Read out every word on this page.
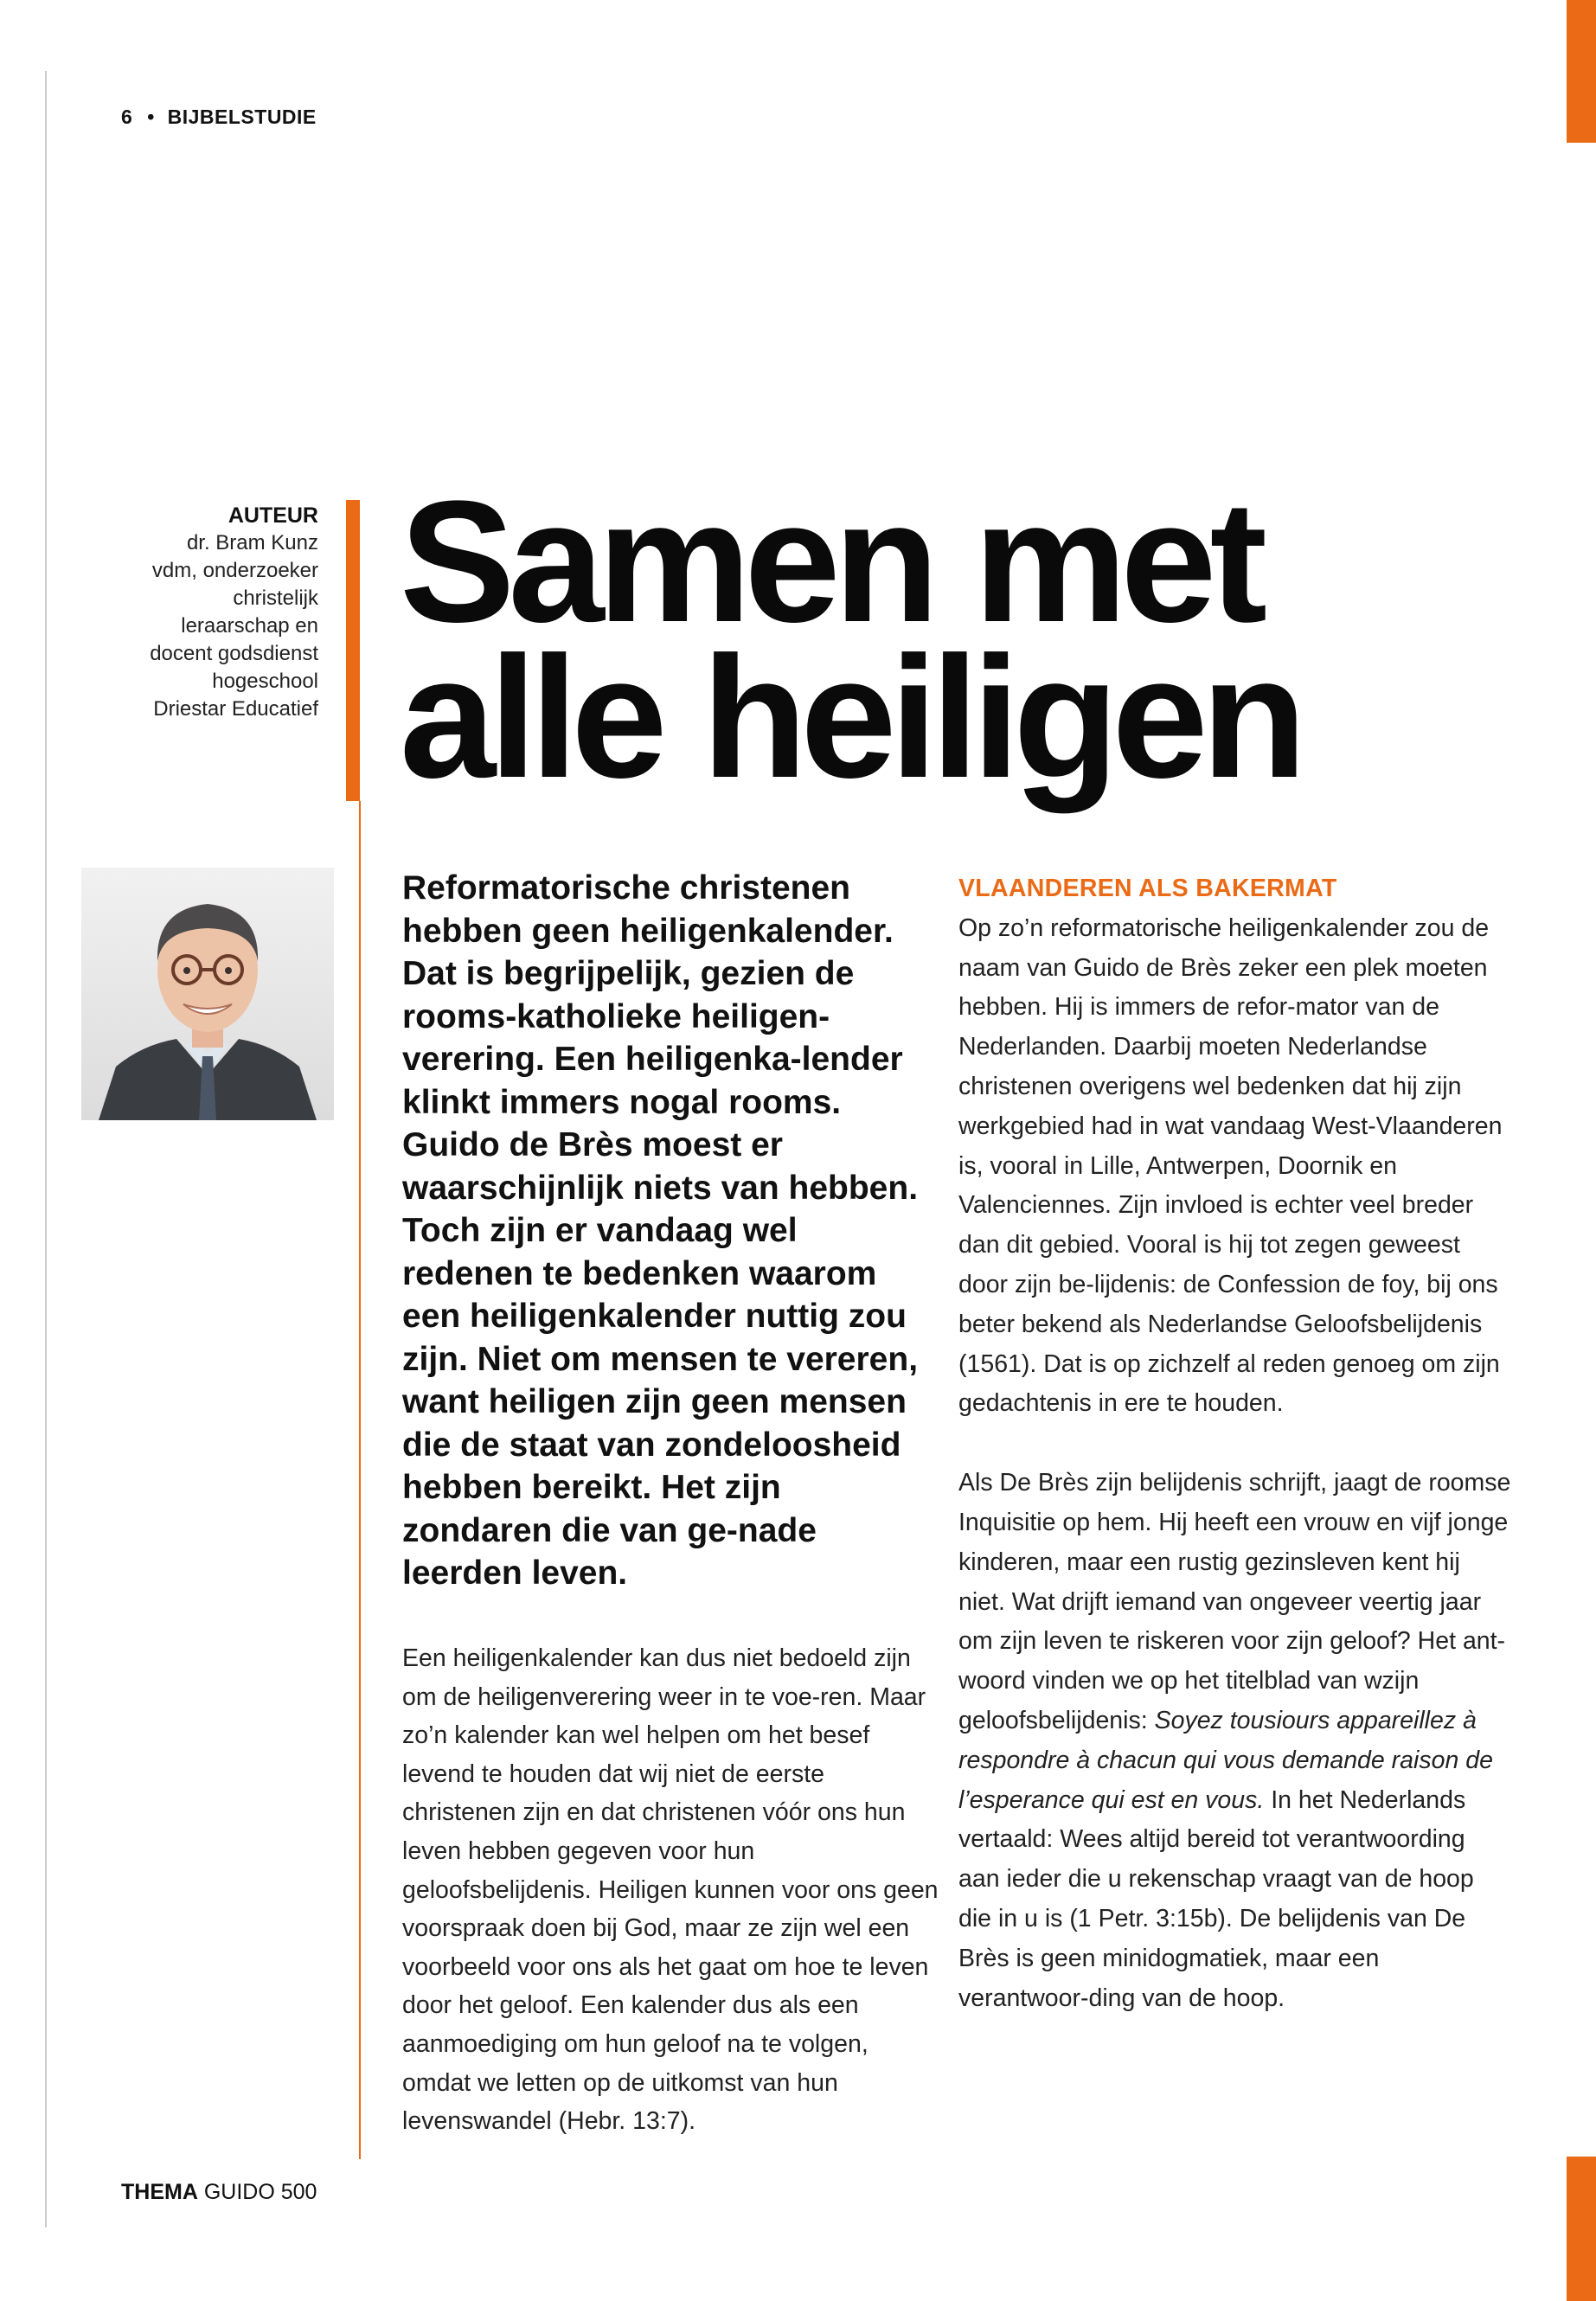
6 • BIJBELSTUDIE
AUTEUR
dr. Bram Kunz
vdm, onderzoeker
christelijk
leraarschap en
docent godsdienst
hogeschool
Driestar Educatief
Samen met
alle heiligen

Reformatorische christenen hebben geen heiligenkalender. Dat is begrijpelijk, gezien de rooms-katholieke heiligen-verering. Een heiligenka-lender klinkt immers nogal rooms. Guido de Brès moest er waarschijnlijk niets van hebben. Toch zijn er vandaag wel redenen te bedenken waarom een heiligenkalender nuttig zou zijn. Niet om mensen te vereren, want heiligen zijn geen mensen die de staat van zondeloosheid hebben bereikt. Het zijn zondaren die van ge-nade leerden leven.

Een heiligenkalender kan dus niet bedoeld zijn om de heiligenverering weer in te voe-ren. Maar zo’n kalender kan wel helpen om het besef levend te houden dat wij niet de eerste christenen zijn en dat christenen vóór ons hun leven hebben gegeven voor hun geloofsbelijdenis. Heiligen kunnen voor ons geen voorspraak doen bij God, maar ze zijn wel een voorbeeld voor ons als het gaat om hoe te leven door het geloof. Een kalender dus als een aanmoediging om hun geloof na te volgen, omdat we letten op de uitkomst van hun levenswandel (Hebr. 13:7).

VLAANDEREN ALS BAKERMAT

Op zo’n reformatorische heiligenkalender zou de naam van Guido de Brès zeker een plek moeten hebben. Hij is immers de refor-mator van de Nederlanden. Daarbij moeten Nederlandse christenen overigens wel bedenken dat hij zijn werkgebied had in wat vandaag West-Vlaanderen is, vooral in Lille, Antwerpen, Doornik en Valenciennes. Zijn invloed is echter veel breder dan dit gebied. Vooral is hij tot zegen geweest door zijn be-lijdenis: de Confession de foy, bij ons beter bekend als Nederlandse Geloofsbelijdenis (1561). Dat is op zichzelf al reden genoeg om zijn gedachtenis in ere te houden.

Als De Brès zijn belijdenis schrijft, jaagt de roomse Inquisitie op hem. Hij heeft een vrouw en vijf jonge kinderen, maar een rustig gezinsleven kent hij niet. Wat drijft iemand van ongeveer veertig jaar om zijn leven te riskeren voor zijn geloof? Het ant-woord vinden we op het titelblad van wzijn geloofsbelijdenis: Soyez tousiours appareillez à respondre à chacun qui vous demande raison de l’esperance qui est en vous. In het Nederlands vertaald: Wees altijd bereid tot verantwoording aan ieder die u rekenschap vraagt van de hoop die in u is (1 Petr. 3:15b). De belijdenis van De Brès is geen minidogmatiek, maar een verantwoor-ding van de hoop.

THEMA GUIDO 500
